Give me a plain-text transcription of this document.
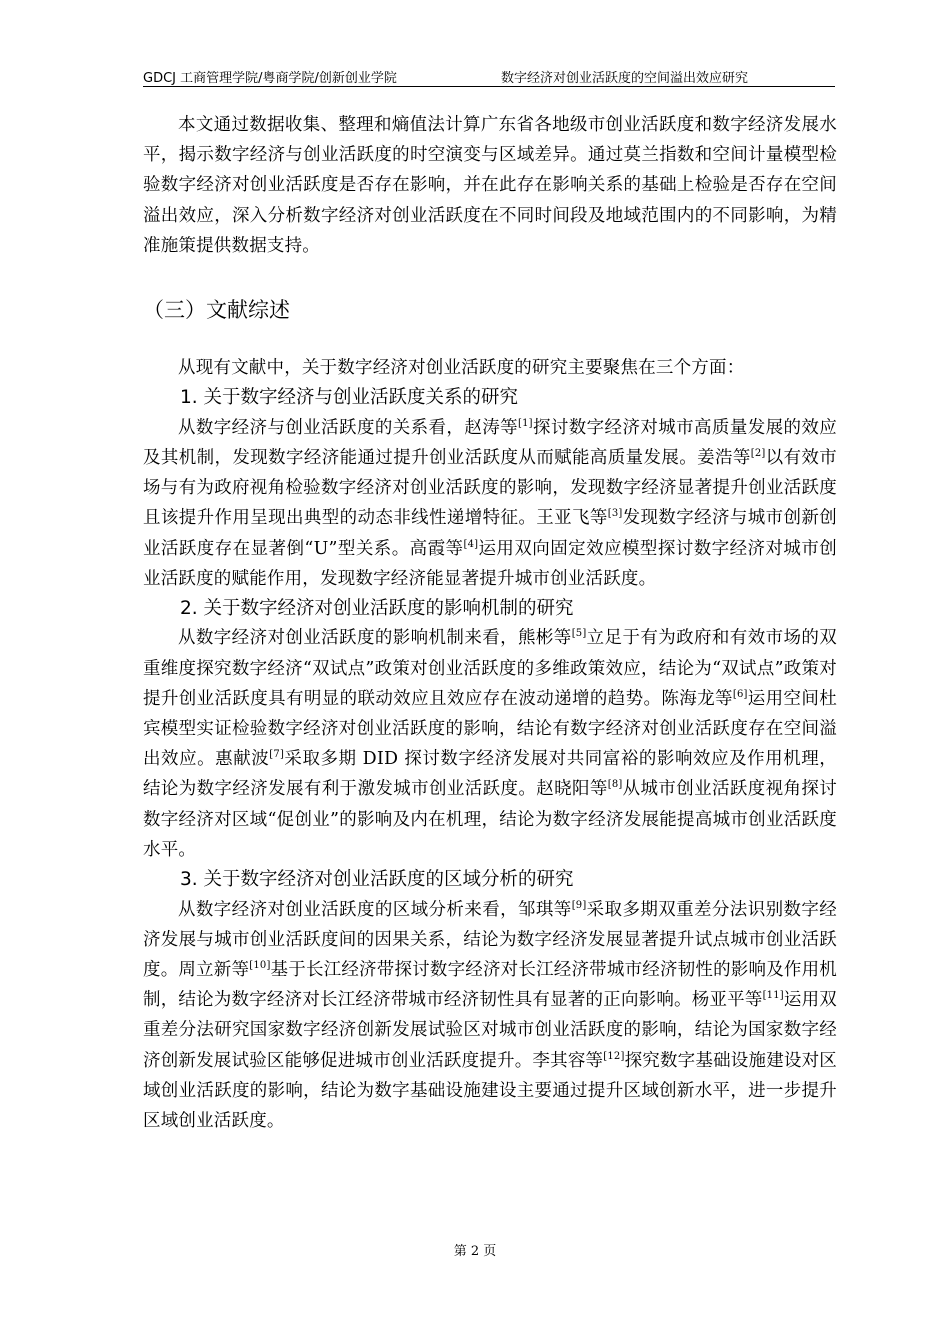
GDCJ 工商管理学院/粤商学院/创新创业学院	数字经济对创业活跃度的空间溢出效应研究

本文通过数据收集、整理和熵值法计算广东省各地级市创业活跃度和数字经济发展水平，揭示数字经济与创业活跃度的时空演变与区域差异。通过莫兰指数和空间计量模型检验数字经济对创业活跃度是否存在影响，并在此存在影响关系的基础上检验是否存在空间溢出效应，深入分析数字经济对创业活跃度在不同时间段及地域范围内的不同影响，为精准施策提供数据支持。

（三）文献综述

从现有文献中，关于数字经济对创业活跃度的研究主要聚焦在三个方面：

1. 关于数字经济与创业活跃度关系的研究

从数字经济与创业活跃度的关系看，赵涛等[1]探讨数字经济对城市高质量发展的效应及其机制，发现数字经济能通过提升创业活跃度从而赋能高质量发展。姜浩等[2]以有效市场与有为政府视角检验数字经济对创业活跃度的影响，发现数字经济显著提升创业活跃度且该提升作用呈现出典型的动态非线性递增特征。王亚飞等[3]发现数字经济与城市创新创业活跃度存在显著倒“U”型关系。高霞等[4]运用双向固定效应模型探讨数字经济对城市创业活跃度的赋能作用，发现数字经济能显著提升城市创业活跃度。

2. 关于数字经济对创业活跃度的影响机制的研究

从数字经济对创业活跃度的影响机制来看，熊彬等[5]立足于有为政府和有效市场的双重维度探究数字经济“双试点”政策对创业活跃度的多维政策效应，结论为“双试点”政策对提升创业活跃度具有明显的联动效应且效应存在波动递增的趋势。陈海龙等[6]运用空间杜宾模型实证检验数字经济对创业活跃度的影响，结论有数字经济对创业活跃度存在空间溢出效应。惠献波[7]采取多期 DID 探讨数字经济发展对共同富裕的影响效应及作用机理，结论为数字经济发展有利于激发城市创业活跃度。赵晓阳等[8]从城市创业活跃度视角探讨数字经济对区域“促创业”的影响及内在机理，结论为数字经济发展能提高城市创业活跃度水平。

3. 关于数字经济对创业活跃度的区域分析的研究

从数字经济对创业活跃度的区域分析来看，邹琪等[9]采取多期双重差分法识别数字经济发展与城市创业活跃度间的因果关系，结论为数字经济发展显著提升试点城市创业活跃度。周立新等[10]基于长江经济带探讨数字经济对长江经济带城市经济韧性的影响及作用机制，结论为数字经济对长江经济带城市经济韧性具有显著的正向影响。杨亚平等[11]运用双重差分法研究国家数字经济创新发展试验区对城市创业活跃度的影响，结论为国家数字经济创新发展试验区能够促进城市创业活跃度提升。李其容等[12]探究数字基础设施建设对区域创业活跃度的影响，结论为数字基础设施建设主要通过提升区域创新水平，进一步提升区域创业活跃度。

第 2 页
